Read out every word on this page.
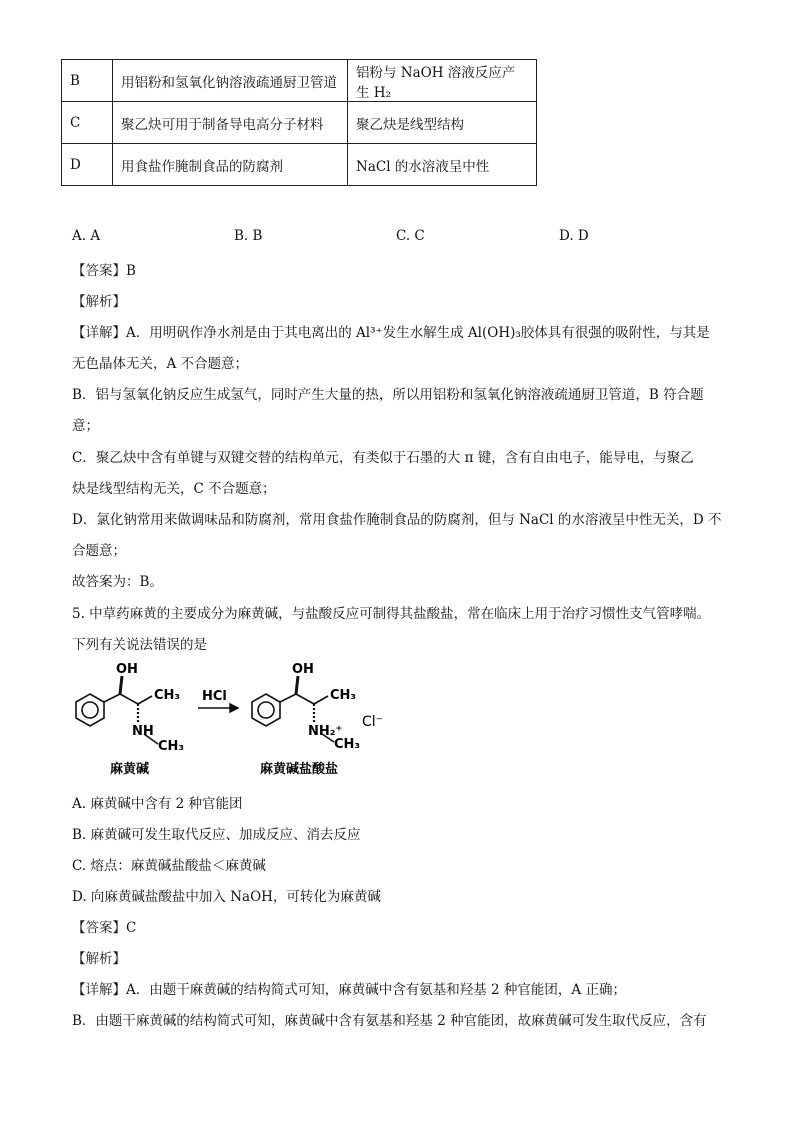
B	用铝粉和氢氧化钠溶液疏通厨卫管道	铝粉与 NaOH 溶液反应产生 H₂
C	聚乙炔可用于制备导电高分子材料	聚乙炔是线型结构
D	用食盐作腌制食品的防腐剂	NaCl 的水溶液呈中性
A. A	B. B	C. C	D. D
【答案】B
【解析】
【详解】A．用明矾作净水剂是由于其电离出的 Al³⁺发生水解生成 Al(OH)₃胶体具有很强的吸附性，与其是
无色晶体无关，A 不合题意；
B．铝与氢氧化钠反应生成氢气，同时产生大量的热，所以用铝粉和氢氧化钠溶液疏通厨卫管道，B 符合题
意；
C．聚乙炔中含有单键与双键交替的结构单元，有类似于石墨的大 π 键，含有自由电子，能导电，与聚乙
炔是线型结构无关，C 不合题意；
D．氯化钠常用来做调味品和防腐剂，常用食盐作腌制食品的防腐剂，但与 NaCl 的水溶液呈中性无关，D 不
合题意；
故答案为：B。
5. 中草药麻黄的主要成分为麻黄碱，与盐酸反应可制得其盐酸盐，常在临床上用于治疗习惯性支气管哮喘。
下列有关说法错误的是
OH
CH₃
NH
CH₃
HCl
OH
CH₃
NH₂⁺
CH₃
Cl⁻
麻黄碱	麻黄碱盐酸盐
A. 麻黄碱中含有 2 种官能团
B. 麻黄碱可发生取代反应、加成反应、消去反应
C. 熔点：麻黄碱盐酸盐＜麻黄碱
D. 向麻黄碱盐酸盐中加入 NaOH，可转化为麻黄碱
【答案】C
【解析】
【详解】A．由题干麻黄碱的结构简式可知，麻黄碱中含有氨基和羟基 2 种官能团，A 正确；
B．由题干麻黄碱的结构简式可知，麻黄碱中含有氨基和羟基 2 种官能团，故麻黄碱可发生取代反应，含有
